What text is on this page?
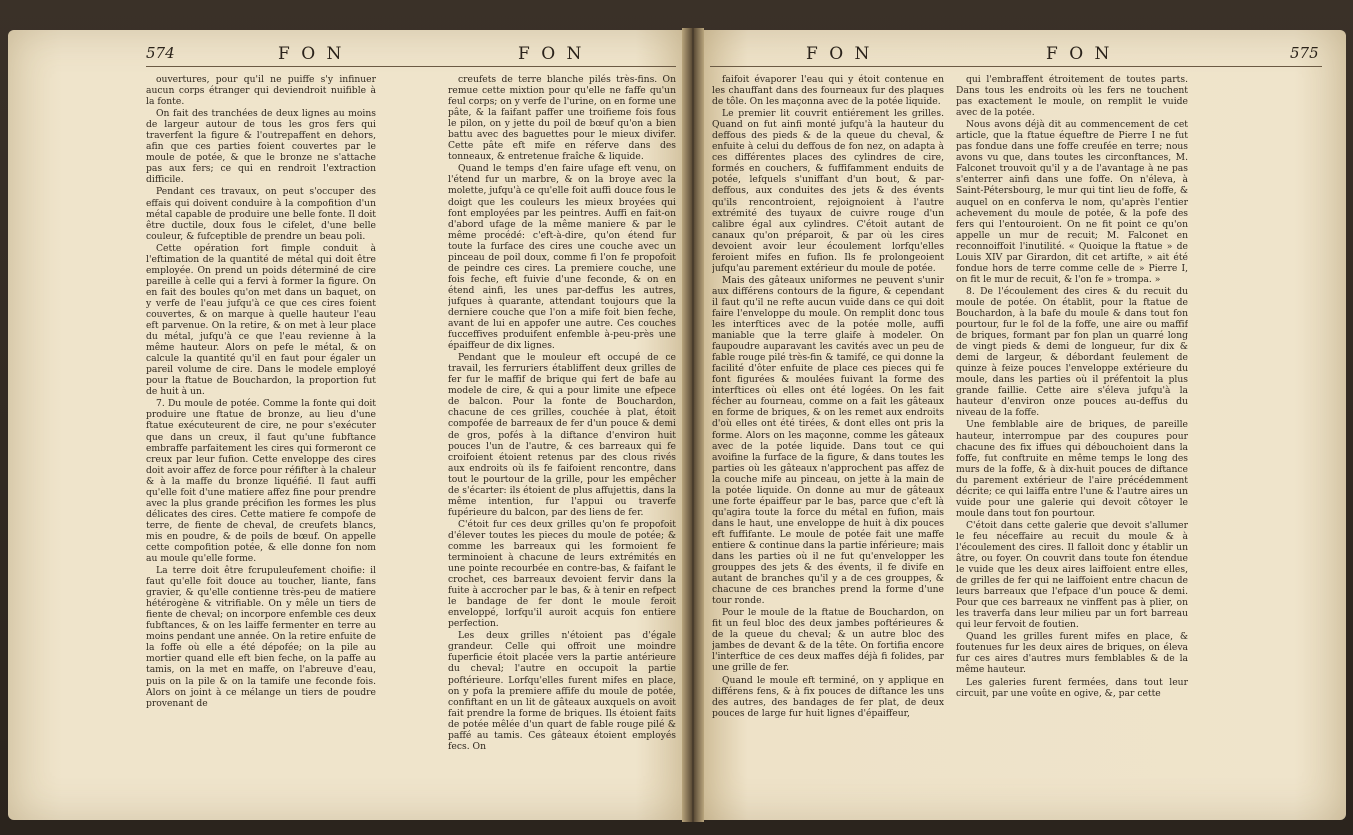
574	F O N	F O N

ouvertures, pour qu'il ne puiffe s'y infinuer aucun corps étranger qui deviendroit nuifible à la fonte.

On fait des tranchées de deux lignes au moins de largeur autour de tous les gros fers qui traverfent la figure & l'outrepaffent en dehors, afin que ces parties foient couvertes par le moule de potée, & que le bronze ne s'attache pas aux fers; ce qui en rendroit l'extraction difficile.

Pendant ces travaux, on peut s'occuper des effais qui doivent conduire à la compofition d'un métal capable de produire une belle fonte. Il doit être ductile, doux fous le cifelet, d'une belle couleur, & fufceptible de prendre un beau poli.

Cette opération fort fimple conduit à l'eftimation de la quantité de métal qui doit être employée. On prend un poids déterminé de cire pareille à celle qui a fervi à former la figure. On en fait des boules qu'on met dans un baquet, on y verfe de l'eau jufqu'à ce que ces cires foient couvertes, & on marque à quelle hauteur l'eau eft parvenue. On la retire, & on met à leur place du métal, jufqu'à ce que l'eau revienne à la même hauteur. Alors on pefe le métal, & on calcule la quantité qu'il en faut pour égaler un pareil volume de cire. Dans le modele employé pour la ftatue de Bouchardon, la proportion fut de huit à un.

7. Du moule de potée. Comme la fonte qui doit produire une ftatue de bronze, au lieu d'une ftatue exécuteurent de cire, ne pour s'exécuter que dans un creux, il faut qu'une fubftance embraffe parfaitement les cires qui formeront ce creux par leur fufion. Cette enveloppe des cires doit avoir affez de force pour réfifter à la chaleur & à la maffe du bronze liquéfié. Il faut auffi qu'elle foit d'une matiere affez fine pour prendre avec la plus grande précifion les formes les plus délicates des cires. Cette matiere fe compofe de terre, de fiente de cheval, de creufets blancs, mis en poudre, & de poils de bœuf. On appelle cette compofition potée, & elle donne fon nom au moule qu'elle forme.

La terre doit être fcrupuleufement choifie: il faut qu'elle foit douce au toucher, liante, fans gravier, & qu'elle contienne très-peu de matiere hétérogène & vitrifiable. On y mêle un tiers de fiente de cheval; on incorpore enfemble ces deux fubftances, & on les laiffe fermenter en terre au moins pendant une année. On la retire enfuite de la foffe où elle a été dépofée; on la pile au mortier quand elle eft bien feche, on la paffe au tamis, on la met en maffe, on l'abreuve d'eau, puis on la pile & on la tamife une feconde fois. Alors on joint à ce mélange un tiers de poudre provenant de

creufets de terre blanche pilés très-fins. On remue cette mixtion pour qu'elle ne faffe qu'un feul corps; on y verfe de l'urine, on en forme une pâte, & la faifant paffer une troifieme fois fous le pilon, on y jette du poil de bœuf qu'on a bien battu avec des baguettes pour le mieux divifer. Cette pâte eft mife en réferve dans des tonneaux, & entretenue fraîche & liquide.

Quand le temps d'en faire ufage eft venu, on l'étend fur un marbre, & on la broye avec la molette, jufqu'à ce qu'elle foit auffi douce fous le doigt que les couleurs les mieux broyées qui font employées par les peintres. Auffi en fait-on d'abord ufage de la même maniere & par le même procédé: c'eft-à-dire, qu'on étend fur toute la furface des cires une couche avec un pinceau de poil doux, comme fi l'on fe propofoit de peindre ces cires. La premiere couche, une fois feche, eft fuivie d'une feconde, & on en étend ainfi, les unes par-deffus les autres, jufques à quarante, attendant toujours que la derniere couche que l'on a mife foit bien feche, avant de lui en appofer une autre. Ces couches fucceffives produifent enfemble à-peu-près une épaiffeur de dix lignes.

Pendant que le mouleur eft occupé de ce travail, les ferruriers établiffent deux grilles de fer fur le maffif de brique qui fert de bafe au modele de cire, & qui a pour limite une efpece de balcon. Pour la fonte de Bouchardon, chacune de ces grilles, couchée à plat, étoit compofée de barreaux de fer d'un pouce & demi de gros, pofés à la diftance d'environ huit pouces l'un de l'autre, & ces barreaux qui fe croifoient étoient retenus par des clous rivés aux endroits où ils fe faifoient rencontre, dans tout le pourtour de la grille, pour les empêcher de s'écarter: ils étoient de plus affujettis, dans la même intention, fur l'appui ou traverfe fupérieure du balcon, par des liens de fer.

C'étoit fur ces deux grilles qu'on fe propofoit d'élever toutes les pieces du moule de potée; & comme les barreaux qui les formoient fe terminoient à chacune de leurs extrémités en une pointe recourbée en contre-bas, & faifant le crochet, ces barreaux devoient fervir dans la fuite à accrocher par le bas, & à tenir en refpect le bandage de fer dont le moule feroit enveloppé, lorfqu'il auroit acquis fon entiere perfection.

Les deux grilles n'étoient pas d'égale grandeur. Celle qui offroit une moindre fuperficie étoit placée vers la partie antérieure du cheval; l'autre en occupoit la partie poftérieure. Lorfqu'elles furent mifes en place, on y pofa la premiere affife du moule de potée, confiftant en un lit de gâteaux auxquels on avoit fait prendre la forme de briques. Ils étoient faits de potée mêlée d'un quart de fable rouge pilé & paffé au tamis. Ces gâteaux étoient employés fecs. On

F O N	F O N	575

faifoit évaporer l'eau qui y étoit contenue en les chauffant dans des fourneaux fur des plaques de tôle. On les maçonna avec de la potée liquide.

Le premier lit couvrit entiérement les grilles. Quand on fut ainfi monté jufqu'à la hauteur du deffous des pieds & de la queue du cheval, & enfuite à celui du deffous de fon nez, on adapta à ces différentes places des cylindres de cire, formés en couchers, & fuffifamment enduits de potée, lefquels s'uniffant d'un bout, & par-deffous, aux conduites des jets & des évents qu'ils rencontroient, rejoignoient à l'autre extrémité des tuyaux de cuivre rouge d'un calibre égal aux cylindres. C'étoit autant de canaux qu'on préparoit, & par où les cires devoient avoir leur écoulement lorfqu'elles feroient mifes en fufion. Ils fe prolongeoient jufqu'au parement extérieur du moule de potée.

Mais des gâteaux uniformes ne peuvent s'unir aux différens contours de la figure, & cependant il faut qu'il ne refte aucun vuide dans ce qui doit faire l'enveloppe du moule. On remplit donc tous les interftices avec de la potée molle, auffi maniable que la terre glaife à modeler. On faupoudre auparavant les cavités avec un peu de fable rouge pilé très-fin & tamifé, ce qui donne la facilité d'ôter enfuite de place ces pieces qui fe font figurées & moulées fuivant la forme des interftices où elles ont été logées. On les fait fécher au fourneau, comme on a fait les gâteaux en forme de briques, & on les remet aux endroits d'où elles ont été tirées, & dont elles ont pris la forme. Alors on les maçonne, comme les gâteaux avec de la potée liquide. Dans tout ce qui avoifine la furface de la figure, & dans toutes les parties où les gâteaux n'approchent pas affez de la couche mife au pinceau, on jette à la main de la potée liquide. On donne au mur de gâteaux une forte épaiffeur par le bas, parce que c'eft là qu'agira toute la force du métal en fufion, mais dans le haut, une enveloppe de huit à dix pouces eft fuffifante. Le moule de potée fait une maffe entiere & continue dans la partie inférieure; mais dans les parties où il ne fut qu'envelopper les grouppes des jets & des évents, il fe divife en autant de branches qu'il y a de ces grouppes, & chacune de ces branches prend la forme d'une tour ronde.

Pour le moule de la ftatue de Bouchardon, on fit un feul bloc des deux jambes poftérieures & de la queue du cheval; & un autre bloc des jambes de devant & de la tête. On fortifia encore l'interftice de ces deux maffes déjà fi folides, par une grille de fer.

Quand le moule eft terminé, on y applique en différens fens, & à fix pouces de diftance les uns des autres, des bandages de fer plat, de deux pouces de large fur huit lignes d'épaiffeur,

qui l'embraffent étroitement de toutes parts. Dans tous les endroits où les fers ne touchent pas exactement le moule, on remplit le vuide avec de la potée.

Nous avons déjà dit au commencement de cet article, que la ftatue équeftre de Pierre I ne fut pas fondue dans une foffe creufée en terre; nous avons vu que, dans toutes les circonftances, M. Falconet trouvoit qu'il y a de l'avantage à ne pas s'enterrer ainfi dans une foffe. On n'éleva, à Saint-Pétersbourg, le mur qui tint lieu de foffe, & auquel on en conferva le nom, qu'après l'entier achevement du moule de potée, & la pofe des fers qui l'entouroient. On ne fit point ce qu'on appelle un mur de recuit; M. Falconet en reconnoiffoit l'inutilité. « Quoique la ftatue » de Louis XIV par Girardon, dit cet artifte, » ait été fondue hors de terre comme celle de » Pierre I, on fit le mur de recuit, & l'on fe » trompa. »

8. De l'écoulement des cires & du recuit du moule de potée. On établit, pour la ftatue de Bouchardon, à la bafe du moule & dans tout fon pourtour, fur le fol de la foffe, une aire ou maffif de briques, formant par fon plan un quarré long de vingt pieds & demi de longueur, fur dix & demi de largeur, & débordant feulement de quinze à feize pouces l'enveloppe extérieure du moule, dans les parties où il préfentoit la plus grande faillie. Cette aire s'éleva jufqu'à la hauteur d'environ onze pouces au-deffus du niveau de la foffe.

Une femblable aire de briques, de pareille hauteur, interrompue par des coupures pour chacune des fix iffues qui débouchoient dans la foffe, fut conftruite en même temps le long des murs de la foffe, & à dix-huit pouces de diftance du parement extérieur de l'aire précédemment décrite; ce qui laiffa entre l'une & l'autre aires un vuide pour une galerie qui devoit côtoyer le moule dans tout fon pourtour.

C'étoit dans cette galerie que devoit s'allumer le feu néceffaire au recuit du moule & à l'écoulement des cires. Il falloit donc y établir un âtre, ou foyer. On couvrit dans toute fon étendue le vuide que les deux aires laiffoient entre elles, de grilles de fer qui ne laiffoient entre chacun de leurs barreaux que l'efpace d'un pouce & demi. Pour que ces barreaux ne vinffent pas à plier, on les traverfa dans leur milieu par un fort barreau qui leur fervoit de foutien.

Quand les grilles furent mifes en place, & foutenues fur les deux aires de briques, on éleva fur ces aires d'autres murs femblables & de la même hauteur.

Les galeries furent fermées, dans tout leur circuit, par une voûte en ogive, &, par cette
